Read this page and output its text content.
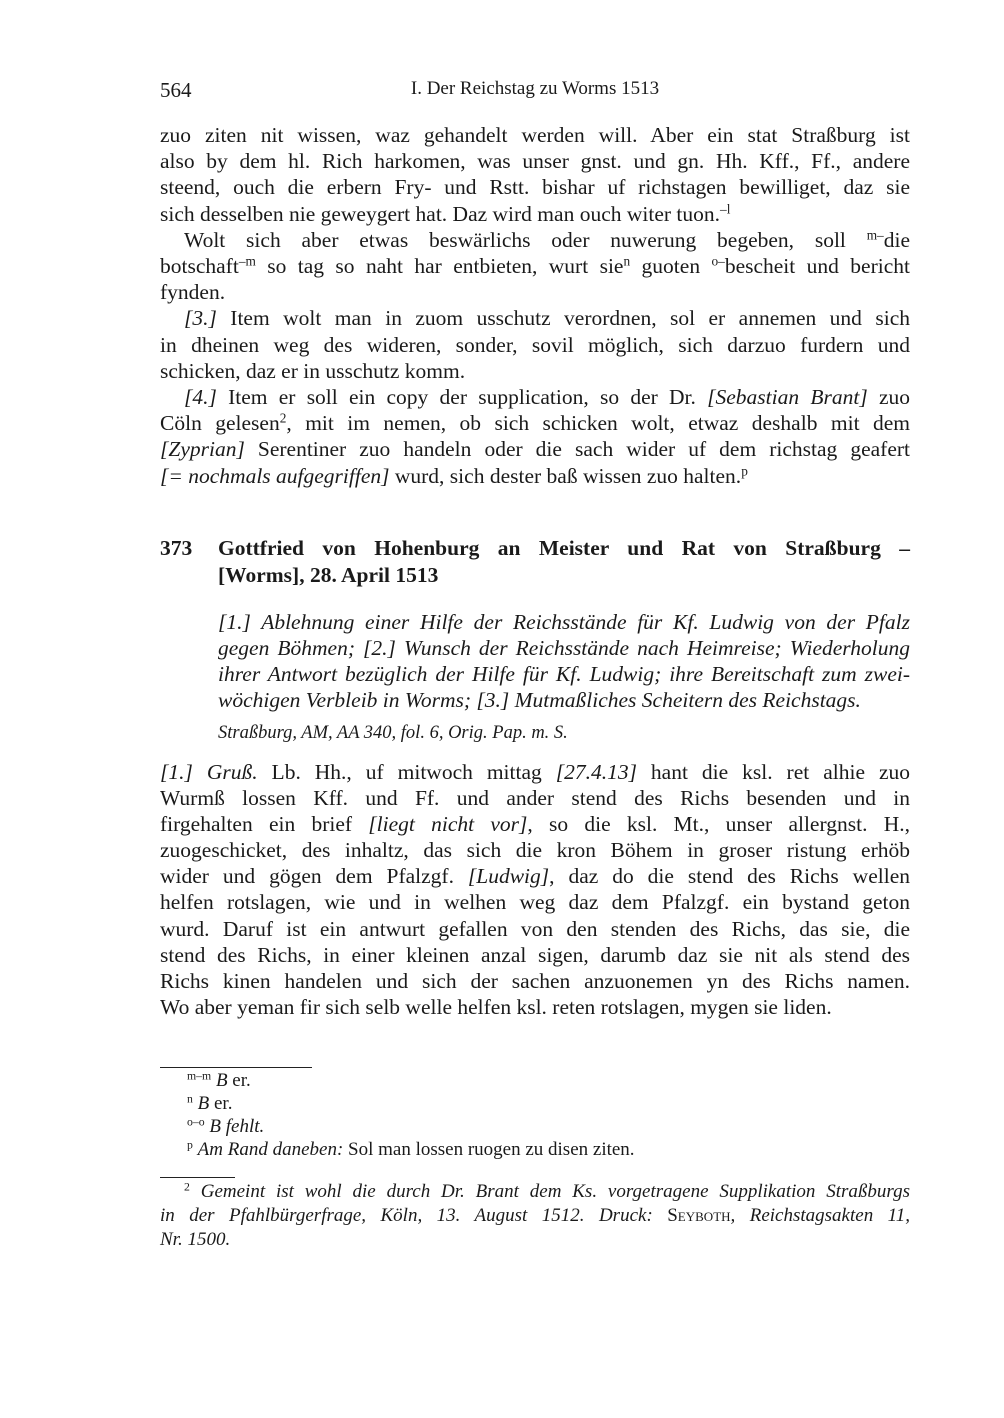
564	I. Der Reichstag zu Worms 1513
zuo ziten nit wissen, waz gehandelt werden will. Aber ein stat Straßburg ist
also by dem hl. Rich harkomen, was unser gnst. und gn. Hh. Kff., Ff., andere
steend, ouch die erbern Fry- und Rstt. bishar uf richstagen bewilliget, daz sie
sich desselben nie geweygert hat. Daz wird man ouch witer tuon.$^{-l}$
Wolt sich aber etwas beswärlichs oder nuwerung begeben, soll $^{m-}$die
botschaft$^{-m}$ so tag so naht har entbieten, wurt sie$^n$ guoten $^{o-}$bescheit und bericht
fynden.
[3.] Item wolt man in zuom usschutz verordnen, sol er annemen und sich
in dheinen weg des wideren, sonder, sovil möglich, sich darzuo furdern und
schicken, daz er in usschutz komm.
[4.] Item er soll ein copy der supplication, so der Dr. [Sebastian Brant] zuo
Cöln gelesen$^2$, mit im nemen, ob sich schicken wolt, etwaz deshalb mit dem
[Zyprian] Serentiner zuo handeln oder die sach wider uf dem richstag geafert
[= nochmals aufgegriffen] wurd, sich dester baß wissen zuo halten.$^p$
373 Gottfried von Hohenburg an Meister und Rat von Straßburg –
[Worms], 28. April 1513
[1.] Ablehnung einer Hilfe der Reichsstände für Kf. Ludwig von der Pfalz
gegen Böhmen; [2.] Wunsch der Reichsstände nach Heimreise; Wiederholung
ihrer Antwort bezüglich der Hilfe für Kf. Ludwig; ihre Bereitschaft zum zwei-
wöchigen Verbleib in Worms; [3.] Mutmaßliches Scheitern des Reichstags.
Straßburg, AM, AA 340, fol. 6, Orig. Pap. m. S.
[1.] Gruß. Lb. Hh., uf mitwoch mittag [27.4.13] hant die ksl. ret alhie zuo
Wurmß lossen Kff. und Ff. und ander stend des Richs besenden und in
firgehalten ein brief [liegt nicht vor], so die ksl. Mt., unser allergnst. H.,
zuogeschicket, des inhaltz, das sich die kron Böhem in groser ristung erhöb
wider und gögen dem Pfalzgf. [Ludwig], daz do die stend des Richs wellen
helfen rotslagen, wie und in welhen weg daz dem Pfalzgf. ein bystand geton
wurd. Daruf ist ein antwurt gefallen von den stenden des Richs, das sie, die
stend des Richs, in einer kleinen anzal sigen, darumb daz sie nit als stend des
Richs kinen handelen und sich der sachen anzuonemen yn des Richs namen.
Wo aber yeman fir sich selb welle helfen ksl. reten rotslagen, mygen sie liden.
$^{m-m}$ B er.
$^n$ B er.
$^{o-o}$ B fehlt.
$^p$ Am Rand daneben: Sol man lossen ruogen zu disen ziten.
$^2$ Gemeint ist wohl die durch Dr. Brant dem Ks. vorgetragene Supplikation Straßburgs
in der Pfahlbürgerfrage, Köln, 13. August 1512. Druck: Seyboth, Reichstagsakten 11,
Nr. 1500.
